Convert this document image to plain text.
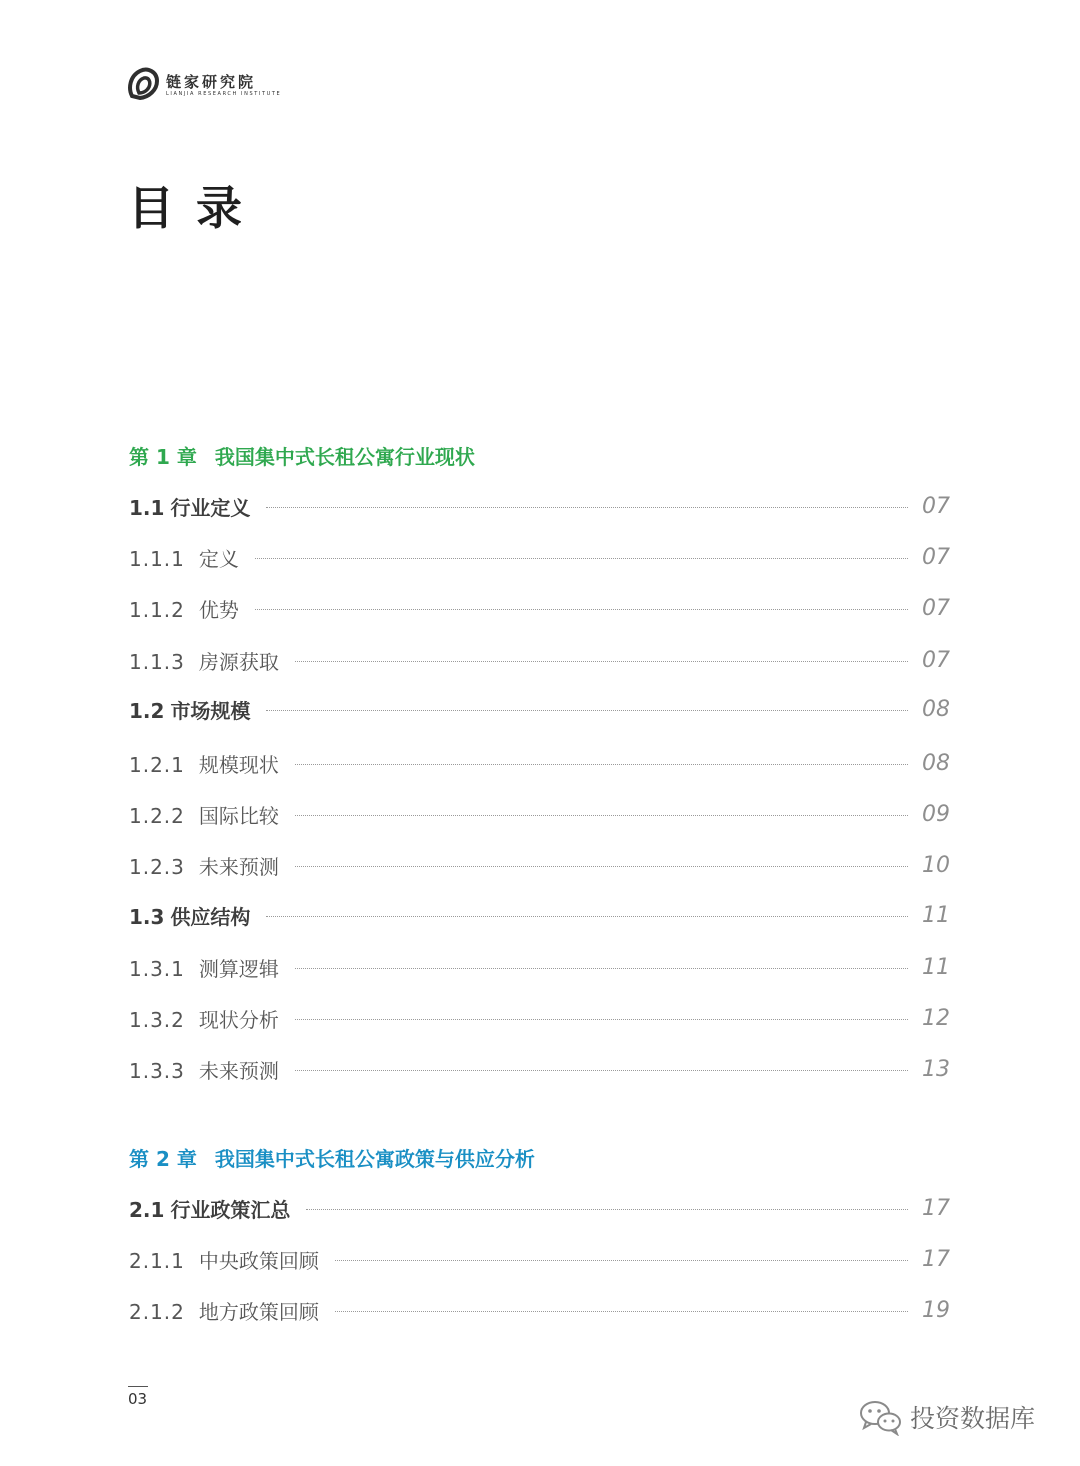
链家研究院
LIANJIA RESEARCH INSTITUTE
目录
第 1 章 我国集中式长租公寓行业现状
1.1 行业定义	07
1.1.1 定义	07
1.1.2 优势	07
1.1.3 房源获取	07
1.2 市场规模	08
1.2.1 规模现状	08
1.2.2 国际比较	09
1.2.3 未来预测	10
1.3 供应结构	11
1.3.1 测算逻辑	11
1.3.2 现状分析	12
1.3.3 未来预测	13
第 2 章 我国集中式长租公寓政策与供应分析
2.1 行业政策汇总	17
2.1.1 中央政策回顾	17
2.1.2 地方政策回顾	19
03
投资数据库
